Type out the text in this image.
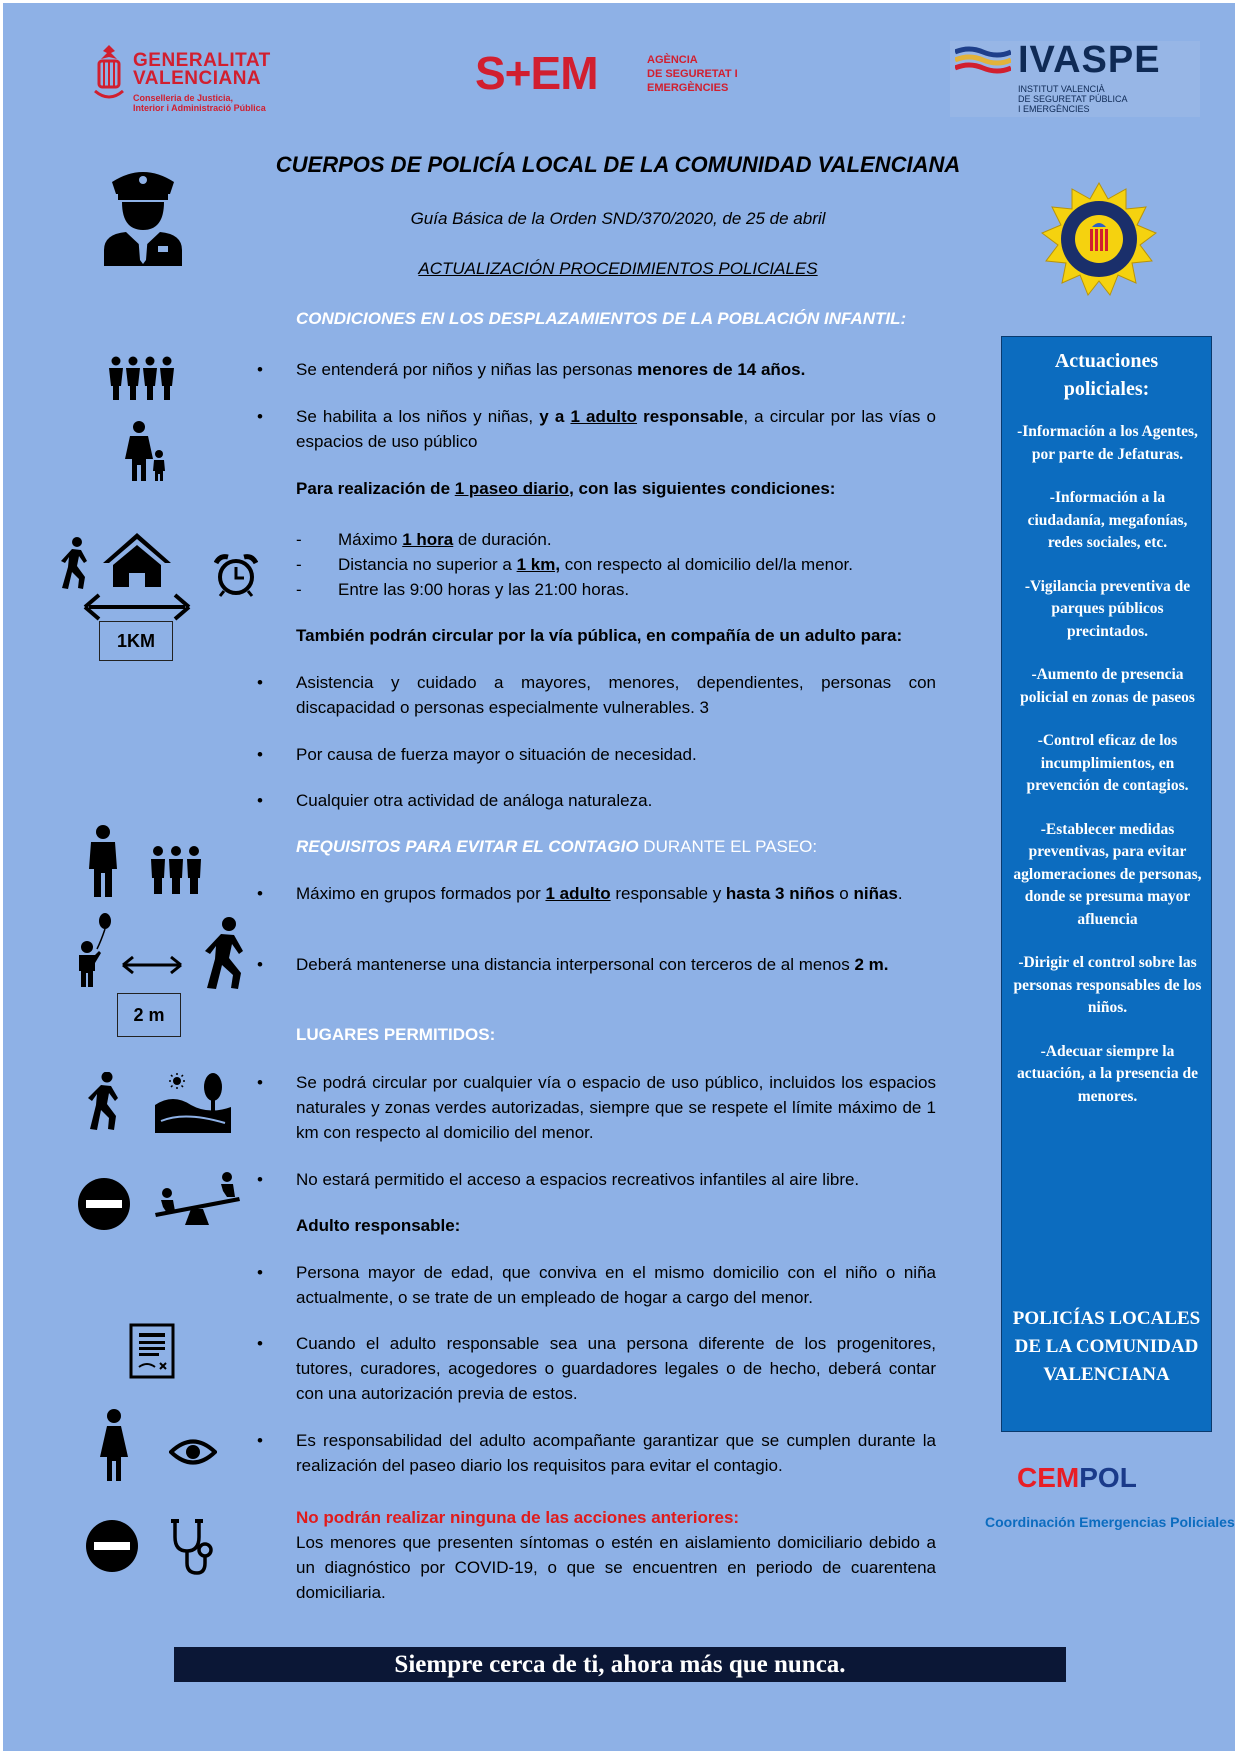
GENERALITAT
VALENCIANA
Conselleria de Justicia,
Interior i Administració Pública
S+EM	AGÈNCIA
DE SEGURETAT I
EMERGÈNCIES
IVASPE
INSTITUT VALENCIÀ
DE SEGURETAT PÚBLICA
I EMERGÈNCIES
CUERPOS DE POLICÍA LOCAL DE LA COMUNIDAD VALENCIANA
Guía Básica de la Orden SND/370/2020, de 25 de abril
ACTUALIZACIÓN PROCEDIMIENTOS POLICIALES
CONDICIONES EN LOS DESPLAZAMIENTOS DE LA POBLACIÓN INFANTIL:
• Se entenderá por niños y niñas las personas menores de 14 años.
• Se habilita a los niños y niñas, y a 1 adulto responsable, a circular por las vías o espacios de uso público
Para realización de 1 paseo diario, con las siguientes condiciones:
- Máximo 1 hora de duración.
- Distancia no superior a 1 km, con respecto al domicilio del/la menor.
- Entre las 9:00 horas y las 21:00 horas.
También podrán circular por la vía pública, en compañía de un adulto para:
• Asistencia y cuidado a mayores, menores, dependientes, personas con discapacidad o personas especialmente vulnerables. 3
• Por causa de fuerza mayor o situación de necesidad.
• Cualquier otra actividad de análoga naturaleza.
REQUISITOS PARA EVITAR EL CONTAGIO DURANTE EL PASEO:
• Máximo en grupos formados por 1 adulto responsable y hasta 3 niños o niñas.
• Deberá mantenerse una distancia interpersonal con terceros de al menos 2 m.
LUGARES PERMITIDOS:
• Se podrá circular por cualquier vía o espacio de uso público, incluidos los espacios naturales y zonas verdes autorizadas, siempre que se respete el límite máximo de 1 km con respecto al domicilio del menor.
• No estará permitido el acceso a espacios recreativos infantiles al aire libre.
Adulto responsable:
• Persona mayor de edad, que conviva en el mismo domicilio con el niño o niña actualmente, o se trate de un empleado de hogar a cargo del menor.
• Cuando el adulto responsable sea una persona diferente de los progenitores, tutores, curadores, acogedores o guardadores legales o de hecho, deberá contar con una autorización previa de estos.
• Es responsabilidad del adulto acompañante garantizar que se cumplen durante la realización del paseo diario los requisitos para evitar el contagio.
No podrán realizar ninguna de las acciones anteriores:
Los menores que presenten síntomas o estén en aislamiento domiciliario debido a un diagnóstico por COVID-19, o que se encuentren en periodo de cuarentena domiciliaria.
1KM
2 m
Actuaciones
policiales:
-Información a los Agentes, por parte de Jefaturas.
-Información a la ciudadanía, megafonías, redes sociales, etc.
-Vigilancia preventiva de parques públicos precintados.
-Aumento de presencia policial en zonas de paseos
-Control eficaz de los incumplimientos, en prevención de contagios.
-Establecer medidas preventivas, para evitar aglomeraciones de personas, donde se presuma mayor afluencia
-Dirigir el control sobre las personas responsables de los niños.
-Adecuar siempre la actuación, a la presencia de menores.
POLICÍAS LOCALES DE LA COMUNIDAD VALENCIANA
CEMPOL
Coordinación Emergencias Policiales
Siempre cerca de ti, ahora más que nunca.
